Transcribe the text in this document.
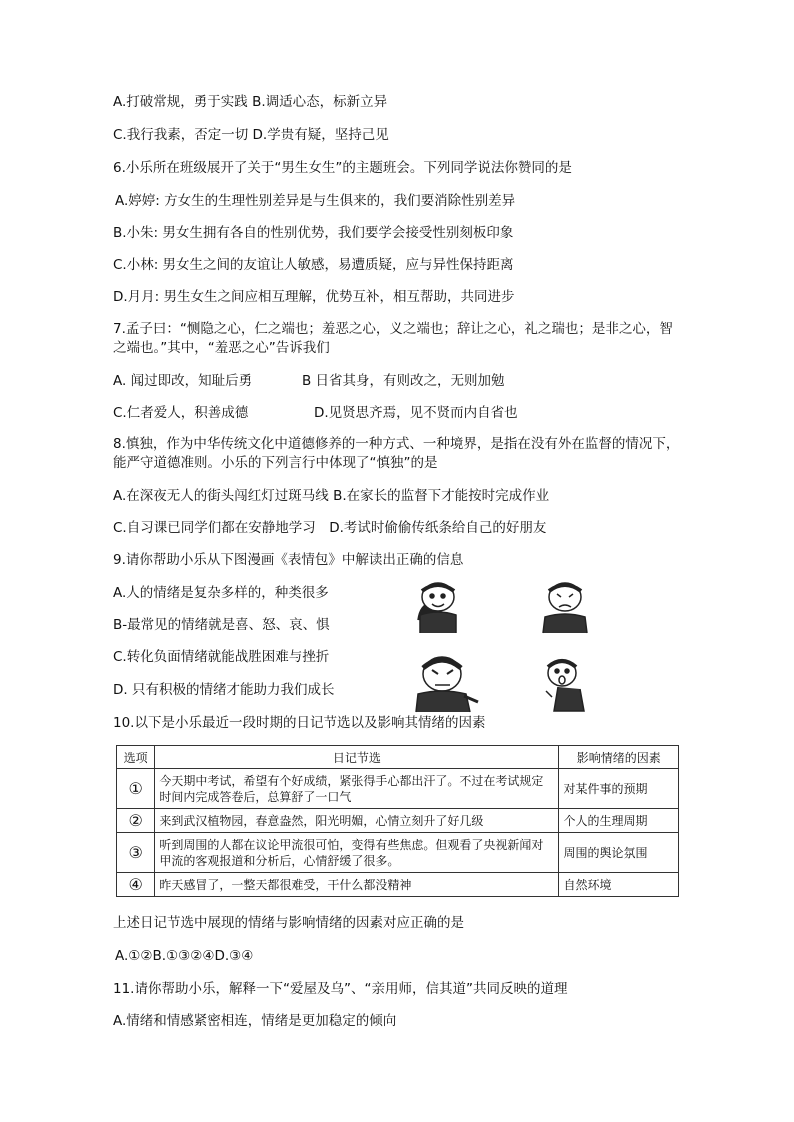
A.打破常规，勇于实践 B.调适心态，标新立异
C.我行我素，否定一切 D.学贵有疑，坚持己见
6.小乐所在班级展开了关于“男生女生”的主题班会。下列同学说法你赞同的是
A.婷婷: 方女生的生理性别差异是与生俱来的，我们要消除性别差异
B.小朱: 男女生拥有各自的性别优势，我们要学会接受性别刻板印象
C.小林: 男女生之间的友谊让人敏感，易遭质疑，应与异性保持距离
D.月月: 男生女生之间应相互理解，优势互补，相互帮助，共同进步
7.孟子曰：“恻隐之心，仁之端也；羞恶之心，义之端也；辞让之心，礼之瑞也；是非之心，智之端也。”其中，“羞恶之心”告诉我们
A. 闻过即改，知耻后勇	B 日省其身，有则改之，无则加勉
C.仁者爱人，积善成德	D.见贤思齐焉，见不贤而内自省也
8.慎独，作为中华传统文化中道德修养的一种方式、一种境界，是指在没有外在监督的情况下，能严守道德准则。小乐的下列言行中体现了“慎独”的是
A.在深夜无人的街头闯红灯过斑马线 B.在家长的监督下才能按时完成作业
C.自习课已同学们都在安静地学习　D.考试时偷偷传纸条给自己的好朋友
9.请你帮助小乐从下图漫画《表情包》中解读出正确的信息
A.人的情绪是复杂多样的，种类很多
B-最常见的情绪就是喜、怒、哀、惧
C.转化负面情绪就能战胜困难与挫折
D. 只有积极的情绪才能助力我们成长
10.以下是小乐最近一段时期的日记节选以及影响其情绪的因素
选项	日记节选	影响情绪的因素
①	今天期中考试，希望有个好成绩，紧张得手心都出汗了。不过在考试规定时间内完成答卷后，总算舒了一口气	对某件事的预期
②	来到武汉植物园，春意盎然，阳光明媚，心情立刻升了好几级	个人的生理周期
③	听到周围的人都在议论甲流很可怕，变得有些焦虑。但观看了央视新闻对甲流的客观报道和分析后，心情舒缓了很多。	周围的舆论氛围
④	昨天感冒了，一整天都很难受，干什么都没精神	自然环境
上述日记节选中展现的情绪与影响情绪的因素对应正确的是
A.①②B.①③②④D.③④
11.请你帮助小乐，解释一下“爱屋及乌”、“亲用师，信其道”共同反映的道理
A.情绪和情感紧密相连，情绪是更加稳定的倾向
